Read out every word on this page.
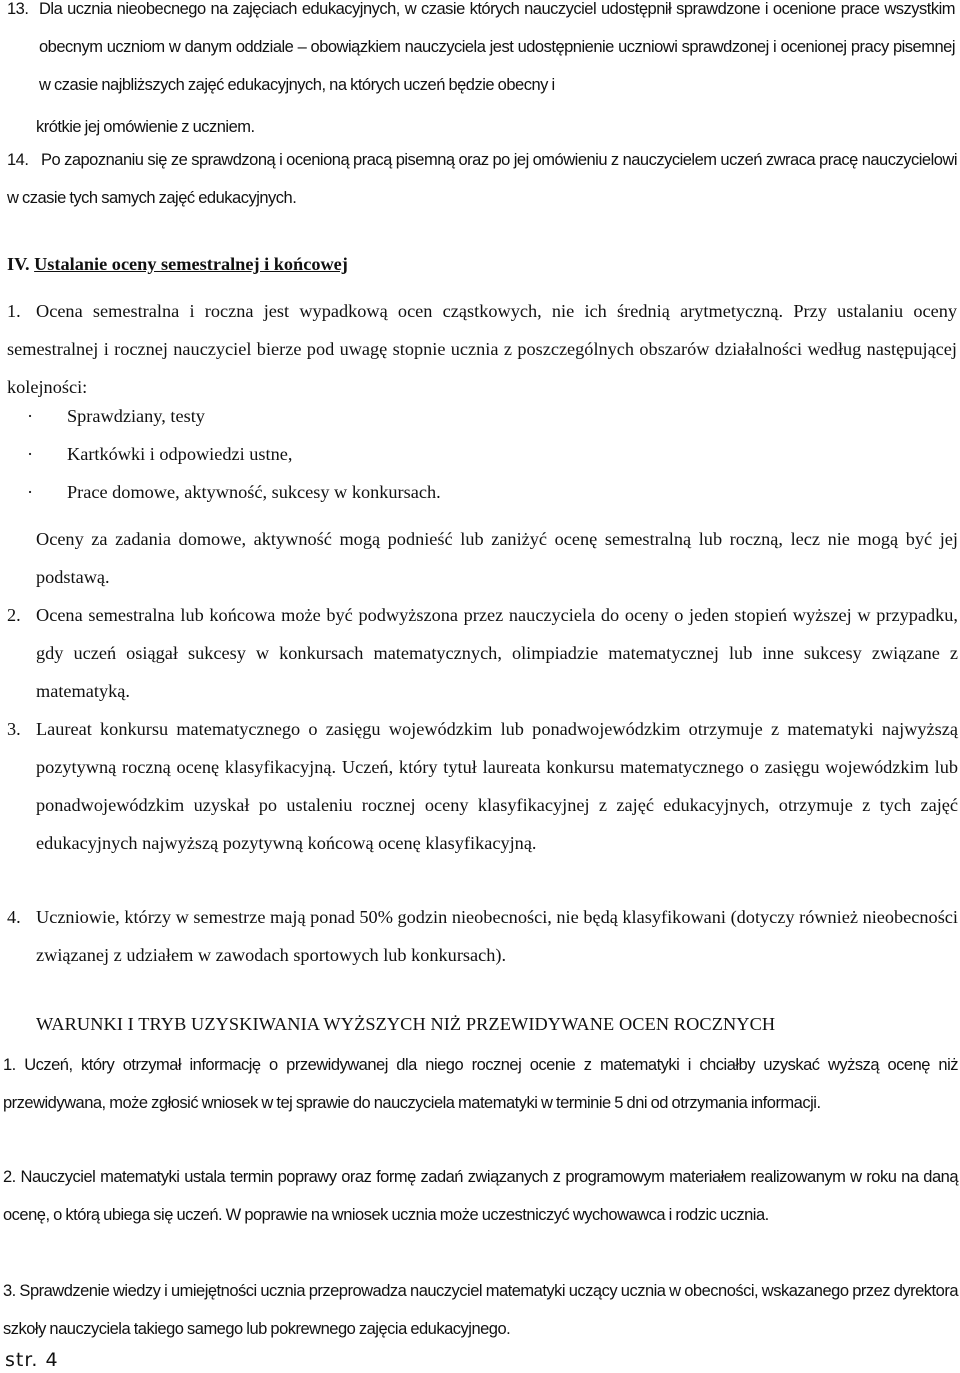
13. Dla ucznia nieobecnego na zajęciach edukacyjnych, w czasie których nauczyciel udostępnił sprawdzone i ocenione prace wszystkim obecnym uczniom w danym oddziale – obowiązkiem nauczyciela jest udostępnienie uczniowi sprawdzonej i ocenionej pracy pisemnej w czasie najbliższych zajęć edukacyjnych, na których uczeń będzie obecny i

krótkie jej omówienie z uczniem.

14. Po zapoznaniu się ze sprawdzoną i ocenioną pracą pisemną oraz po jej omówieniu z nauczycielem uczeń zwraca pracę nauczycielowi w czasie tych samych zajęć edukacyjnych.

IV. Ustalanie oceny semestralnej i końcowej

1. Ocena semestralna i roczna jest wypadkową ocen cząstkowych, nie ich średnią arytmetyczną. Przy ustalaniu oceny semestralnej i rocznej nauczyciel bierze pod uwagę stopnie ucznia z poszczególnych obszarów działalności według następującej kolejności:

· Sprawdziany, testy
· Kartkówki i odpowiedzi ustne,
· Prace domowe, aktywność, sukcesy w konkursach.

Oceny za zadania domowe, aktywność mogą podnieść lub zaniżyć ocenę semestralną lub roczną, lecz nie mogą być jej podstawą.

2. Ocena semestralna lub końcowa może być podwyższona przez nauczyciela do oceny o jeden stopień wyższej w przypadku, gdy uczeń osiągał sukcesy w konkursach matematycznych, olimpiadzie matematycznej lub inne sukcesy związane z matematyką.

3. Laureat konkursu matematycznego o zasięgu wojewódzkim lub ponadwojewódzkim otrzymuje z matematyki najwyższą pozytywną roczną ocenę klasyfikacyjną. Uczeń, który tytuł laureata konkursu matematycznego o zasięgu wojewódzkim lub ponadwojewódzkim uzyskał po ustaleniu rocznej oceny klasyfikacyjnej z zajęć edukacyjnych, otrzymuje z tych zajęć edukacyjnych najwyższą pozytywną końcową ocenę klasyfikacyjną.

4. Uczniowie, którzy w semestrze mają ponad 50% godzin nieobecności, nie będą klasyfikowani (dotyczy również nieobecności związanej z udziałem w zawodach sportowych lub konkursach).

WARUNKI I TRYB UZYSKIWANIA WYŻSZYCH NIŻ PRZEWIDYWANE OCEN ROCZNYCH

1. Uczeń, który otrzymał informację o przewidywanej dla niego rocznej ocenie z matematyki i chciałby uzyskać wyższą ocenę niż przewidywana, może zgłosić wniosek w tej sprawie do nauczyciela matematyki w terminie 5 dni od otrzymania informacji.

2. Nauczyciel matematyki ustala termin poprawy oraz formę zadań związanych z programowym materiałem realizowanym w roku na daną ocenę, o którą ubiega się uczeń. W poprawie na wniosek ucznia może uczestniczyć wychowawca i rodzic ucznia.

3. Sprawdzenie wiedzy i umiejętności ucznia przeprowadza nauczyciel matematyki uczący ucznia w obecności, wskazanego przez dyrektora szkoły nauczyciela takiego samego lub pokrewnego zajęcia edukacyjnego.

str. 4
